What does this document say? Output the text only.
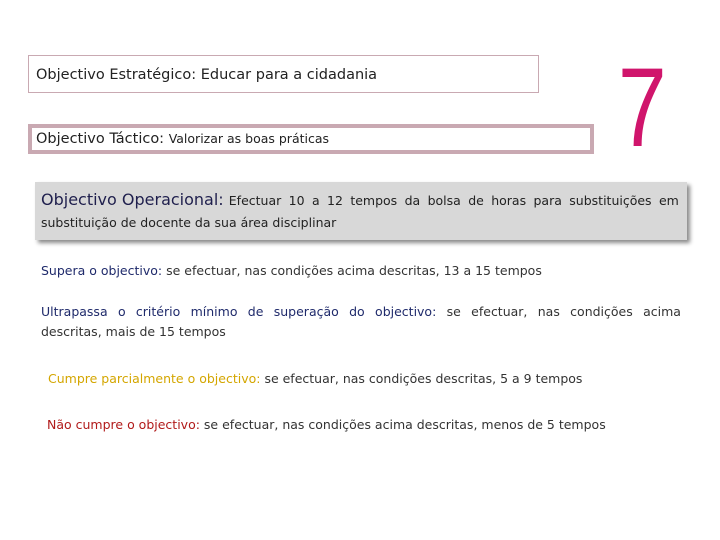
Objectivo Estratégico: Educar para a cidadania
Objectivo Táctico: Valorizar as boas práticas	7
Objectivo Operacional: Efectuar 10 a 12 tempos da bolsa de horas para substituições em
substituição de docente da sua área disciplinar
Supera o objectivo: se efectuar, nas condições acima descritas, 13 a 15 tempos
Ultrapassa o critério mínimo de superação do objectivo: se efectuar, nas condições acima
descritas, mais de 15 tempos
Cumpre parcialmente o objectivo: se efectuar, nas condições descritas, 5 a 9 tempos
Não cumpre o objectivo: se efectuar, nas condições acima descritas, menos de 5 tempos
